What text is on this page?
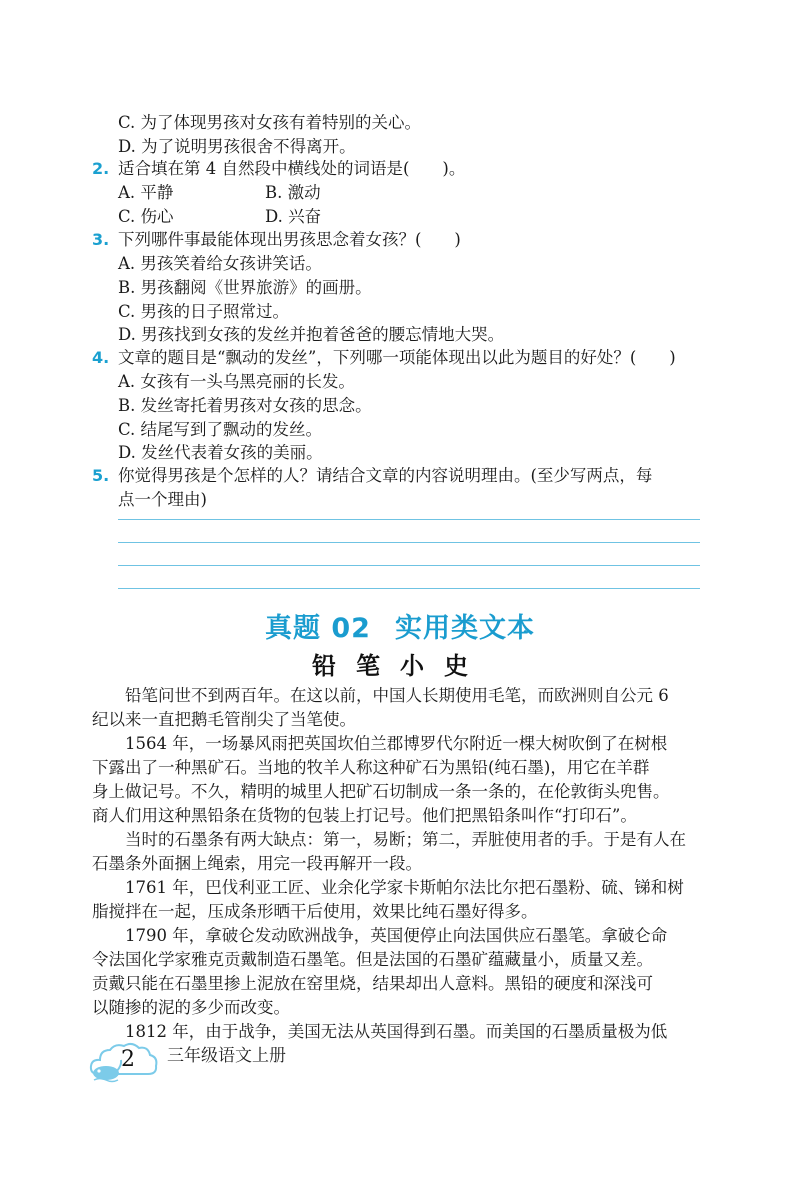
C. 为了体现男孩对女孩有着特别的关心。
D. 为了说明男孩很舍不得离开。
2. 适合填在第 4 自然段中横线处的词语是(　　)。
A. 平静	B. 激动
C. 伤心	D. 兴奋
3. 下列哪件事最能体现出男孩思念着女孩？(　　)
A. 男孩笑着给女孩讲笑话。
B. 男孩翻阅《世界旅游》的画册。
C. 男孩的日子照常过。
D. 男孩找到女孩的发丝并抱着爸爸的腰忘情地大哭。
4. 文章的题目是“飘动的发丝”，下列哪一项能体现出以此为题目的好处？(　　)
A. 女孩有一头乌黑亮丽的长发。
B. 发丝寄托着男孩对女孩的思念。
C. 结尾写到了飘动的发丝。
D. 发丝代表着女孩的美丽。
5. 你觉得男孩是个怎样的人？请结合文章的内容说明理由。(至少写两点，每
点一个理由)
真题 02 实用类文本
铅笔小史
铅笔问世不到两百年。在这以前，中国人长期使用毛笔，而欧洲则自公元 6
纪以来一直把鹅毛管削尖了当笔使。
1564 年，一场暴风雨把英国坎伯兰郡博罗代尔附近一棵大树吹倒了在树根
下露出了一种黑矿石。当地的牧羊人称这种矿石为黑铅(纯石墨)，用它在羊群
身上做记号。不久，精明的城里人把矿石切制成一条一条的，在伦敦街头兜售。
商人们用这种黑铅条在货物的包装上打记号。他们把黑铅条叫作“打印石”。
当时的石墨条有两大缺点：第一，易断；第二，弄脏使用者的手。于是有人在
石墨条外面捆上绳索，用完一段再解开一段。
1761 年，巴伐利亚工匠、业余化学家卡斯帕尔法比尔把石墨粉、硫、锑和树
脂搅拌在一起，压成条形晒干后使用，效果比纯石墨好得多。
1790 年，拿破仑发动欧洲战争，英国便停止向法国供应石墨笔。拿破仑命
令法国化学家雅克贡戴制造石墨笔。但是法国的石墨矿蕴藏量小，质量又差。
贡戴只能在石墨里掺上泥放在窑里烧，结果却出人意料。黑铅的硬度和深浅可
以随掺的泥的多少而改变。
1812 年，由于战争，美国无法从英国得到石墨。而美国的石墨质量极为低
2 三年级语文上册
